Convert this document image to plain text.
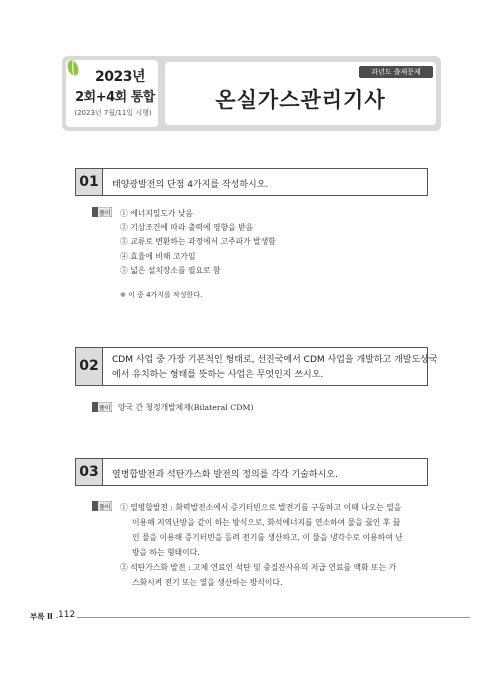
2023년
2회+4회 통합
(2023년 7월/11일 시행)
과년도 출제문제
온실가스관리기사
01	태양광발전의 단점 4가지를 작성하시오.
풀이 ① 에너지밀도가 낮음
② 기상조건에 따라 출력에 영향을 받음
③ 교류로 변환하는 과정에서 고주파가 발생함
④ 효율에 비해 고가임
⑤ 넓은 설치장소를 필요로 함
※ 이 중 4가지를 작성한다.
02	CDM 사업 중 가장 기본적인 형태로, 선진국에서 CDM 사업을 개발하고 개발도상국
에서 유치하는 형태를 뜻하는 사업은 무엇인지 쓰시오.
풀이 양국 간 청정개발체제(Bilateral CDM)
03	열병합발전과 석탄가스화 발전의 정의를 각각 기술하시오.
풀이 ① 열병합발전 : 화력발전소에서 증기터빈으로 발전기를 구동하고 이때 나오는 열을
이용해 지역난방을 같이 하는 방식으로, 화석에너지를 연소하여 물을 끓인 후 끓
인 물을 이용해 증기터빈을 돌려 전기를 생산하고, 이 물을 냉각수로 이용하여 난
방을 하는 형태이다.
② 석탄가스화 발전 : 고체 연료인 석탄 및 중질잔사유의 저급 연료를 액화 또는 가
스화시켜 전기 또는 열을 생산하는 방식이다.
부록 II 112
